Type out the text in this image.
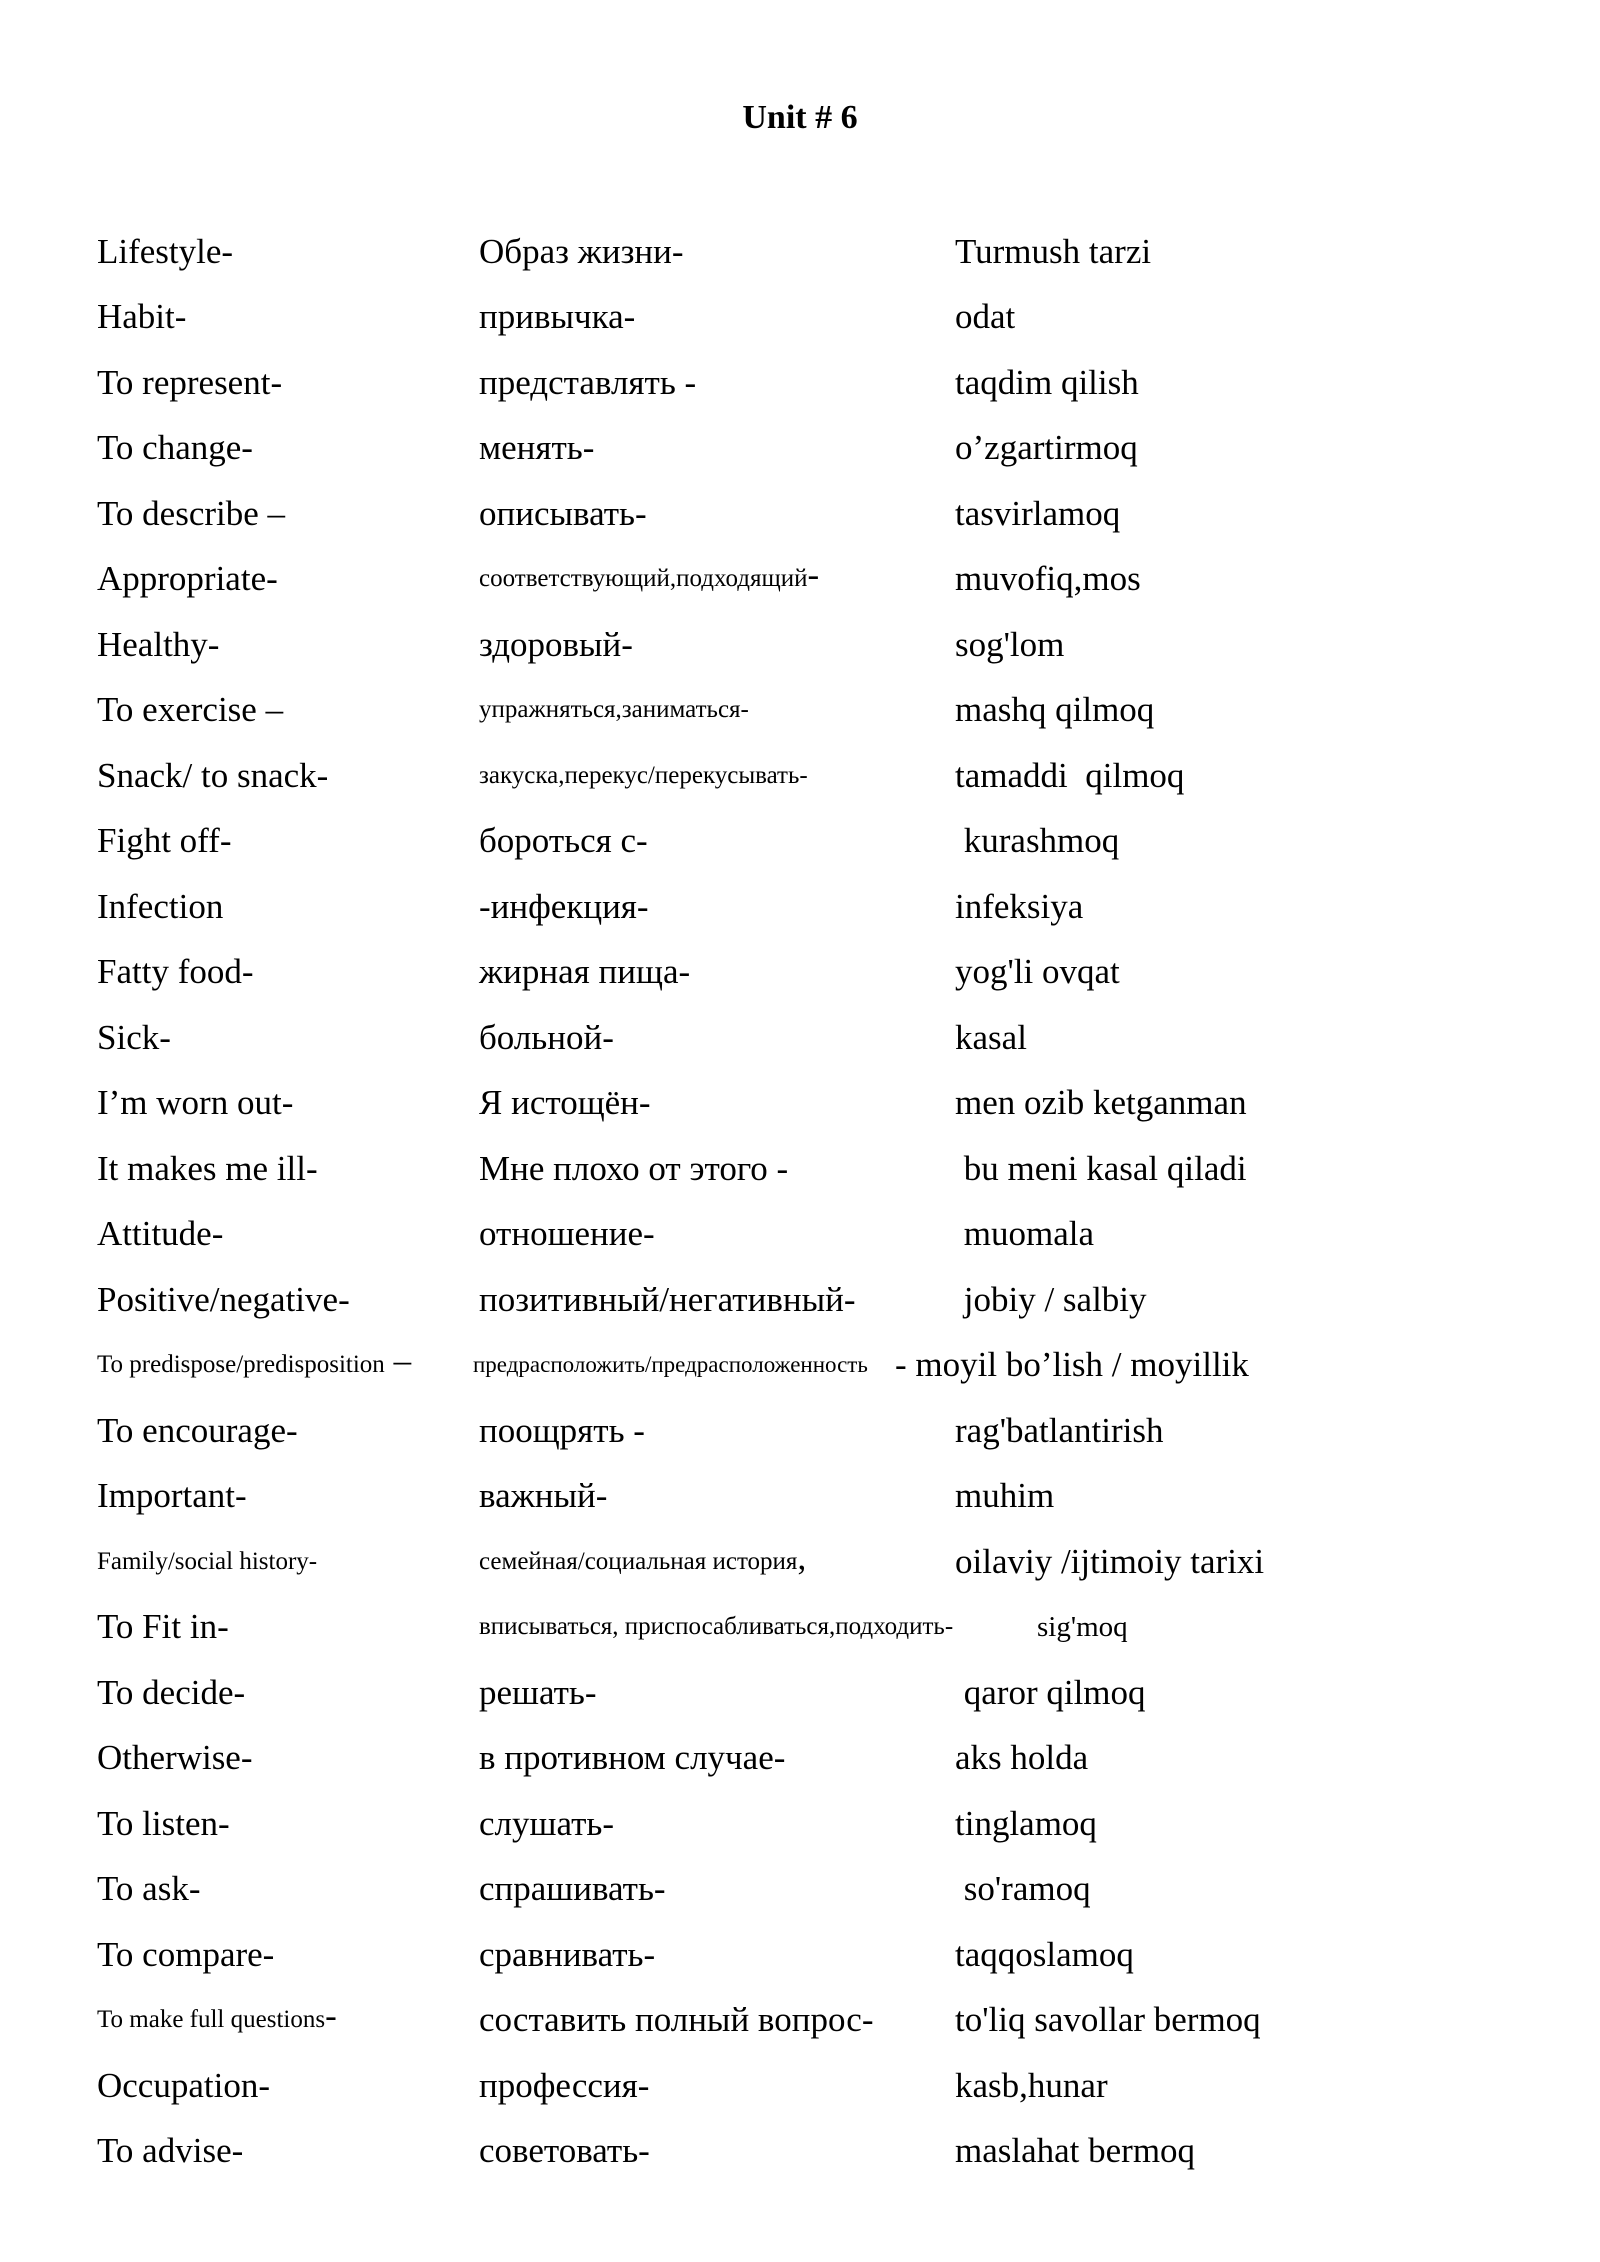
Unit # 6
Lifestyle-	Образ жизни-	Turmush tarzi
Habit-	привычка-	odat
To represent-	представлять -	taqdim qilish
To change-	менять-	o’zgartirmoq
To describe –	описывать-	tasvirlamoq
Appropriate-	соответствующий,подходящий-	muvofiq,mos
Healthy-	здоровый-	sog'lom
To exercise –	упражняться,заниматься-	mashq qilmoq
Snack/ to snack-	закуска,перекус/перекусывать-	tamaddi  qilmoq
Fight off-	бороться с-	kurashmoq
Infection	-инфекция-	infeksiya
Fatty food-	жирная пища-	yog'li ovqat
Sick-	больной-	kasal
I’m worn out-	Я истощён-	men ozib ketganman
It makes me ill-	Мне плохо от этого -	bu meni kasal qiladi
Attitude-	отношение-	muomala
Positive/negative-	позитивный/негативный-	jobiy / salbiy
To predispose/predisposition –	предрасположить/предрасположенность - moyil bo’lish / moyillik
To encourage-	поощрять -	rag'batlantirish
Important-	важный-	muhim
Family/social history-	семейная/социальная история,	oilaviy /ijtimoiy tarixi
To Fit in-	вписываться, приспосабливаться,подходить-	sig'moq
To decide-	решать-	qaror qilmoq
Otherwise-	в противном случае-	aks holda
To listen-	слушать-	tinglamoq
To ask-	спрашивать-	so'ramoq
To compare-	сравнивать-	taqqoslamoq
To make full questions-	составить полный вопрос- to'liq savollar bermoq
Occupation-	профессия-	kasb,hunar
To advise-	советовать-	maslahat bermoq
